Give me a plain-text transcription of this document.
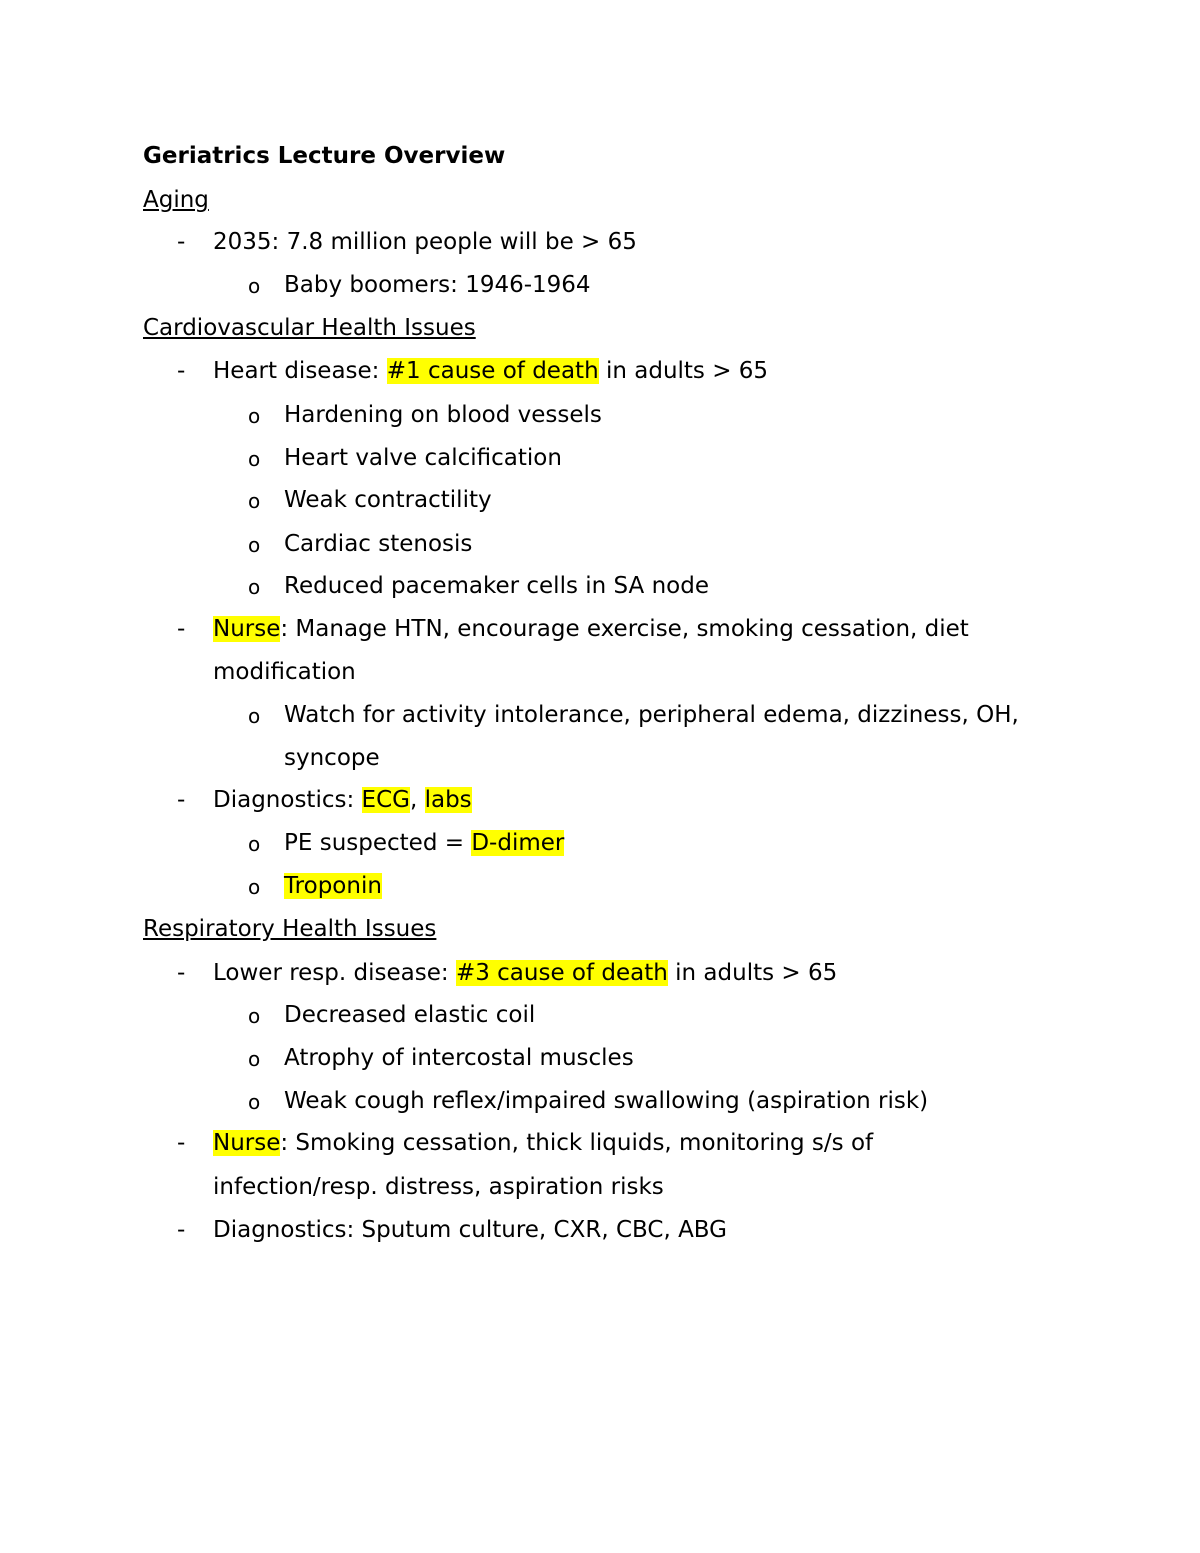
Geriatrics Lecture Overview
Aging
- 2035: 7.8 million people will be > 65
o Baby boomers: 1946-1964
Cardiovascular Health Issues
- Heart disease: #1 cause of death in adults > 65
o Hardening on blood vessels
o Heart valve calcification
o Weak contractility
o Cardiac stenosis
o Reduced pacemaker cells in SA node
- Nurse: Manage HTN, encourage exercise, smoking cessation, diet
modification
o Watch for activity intolerance, peripheral edema, dizziness, OH,
syncope
- Diagnostics: ECG, labs
o PE suspected = D-dimer
o Troponin
Respiratory Health Issues
- Lower resp. disease: #3 cause of death in adults > 65
o Decreased elastic coil
o Atrophy of intercostal muscles
o Weak cough reflex/impaired swallowing (aspiration risk)
- Nurse: Smoking cessation, thick liquids, monitoring s/s of
infection/resp. distress, aspiration risks
- Diagnostics: Sputum culture, CXR, CBC, ABG
